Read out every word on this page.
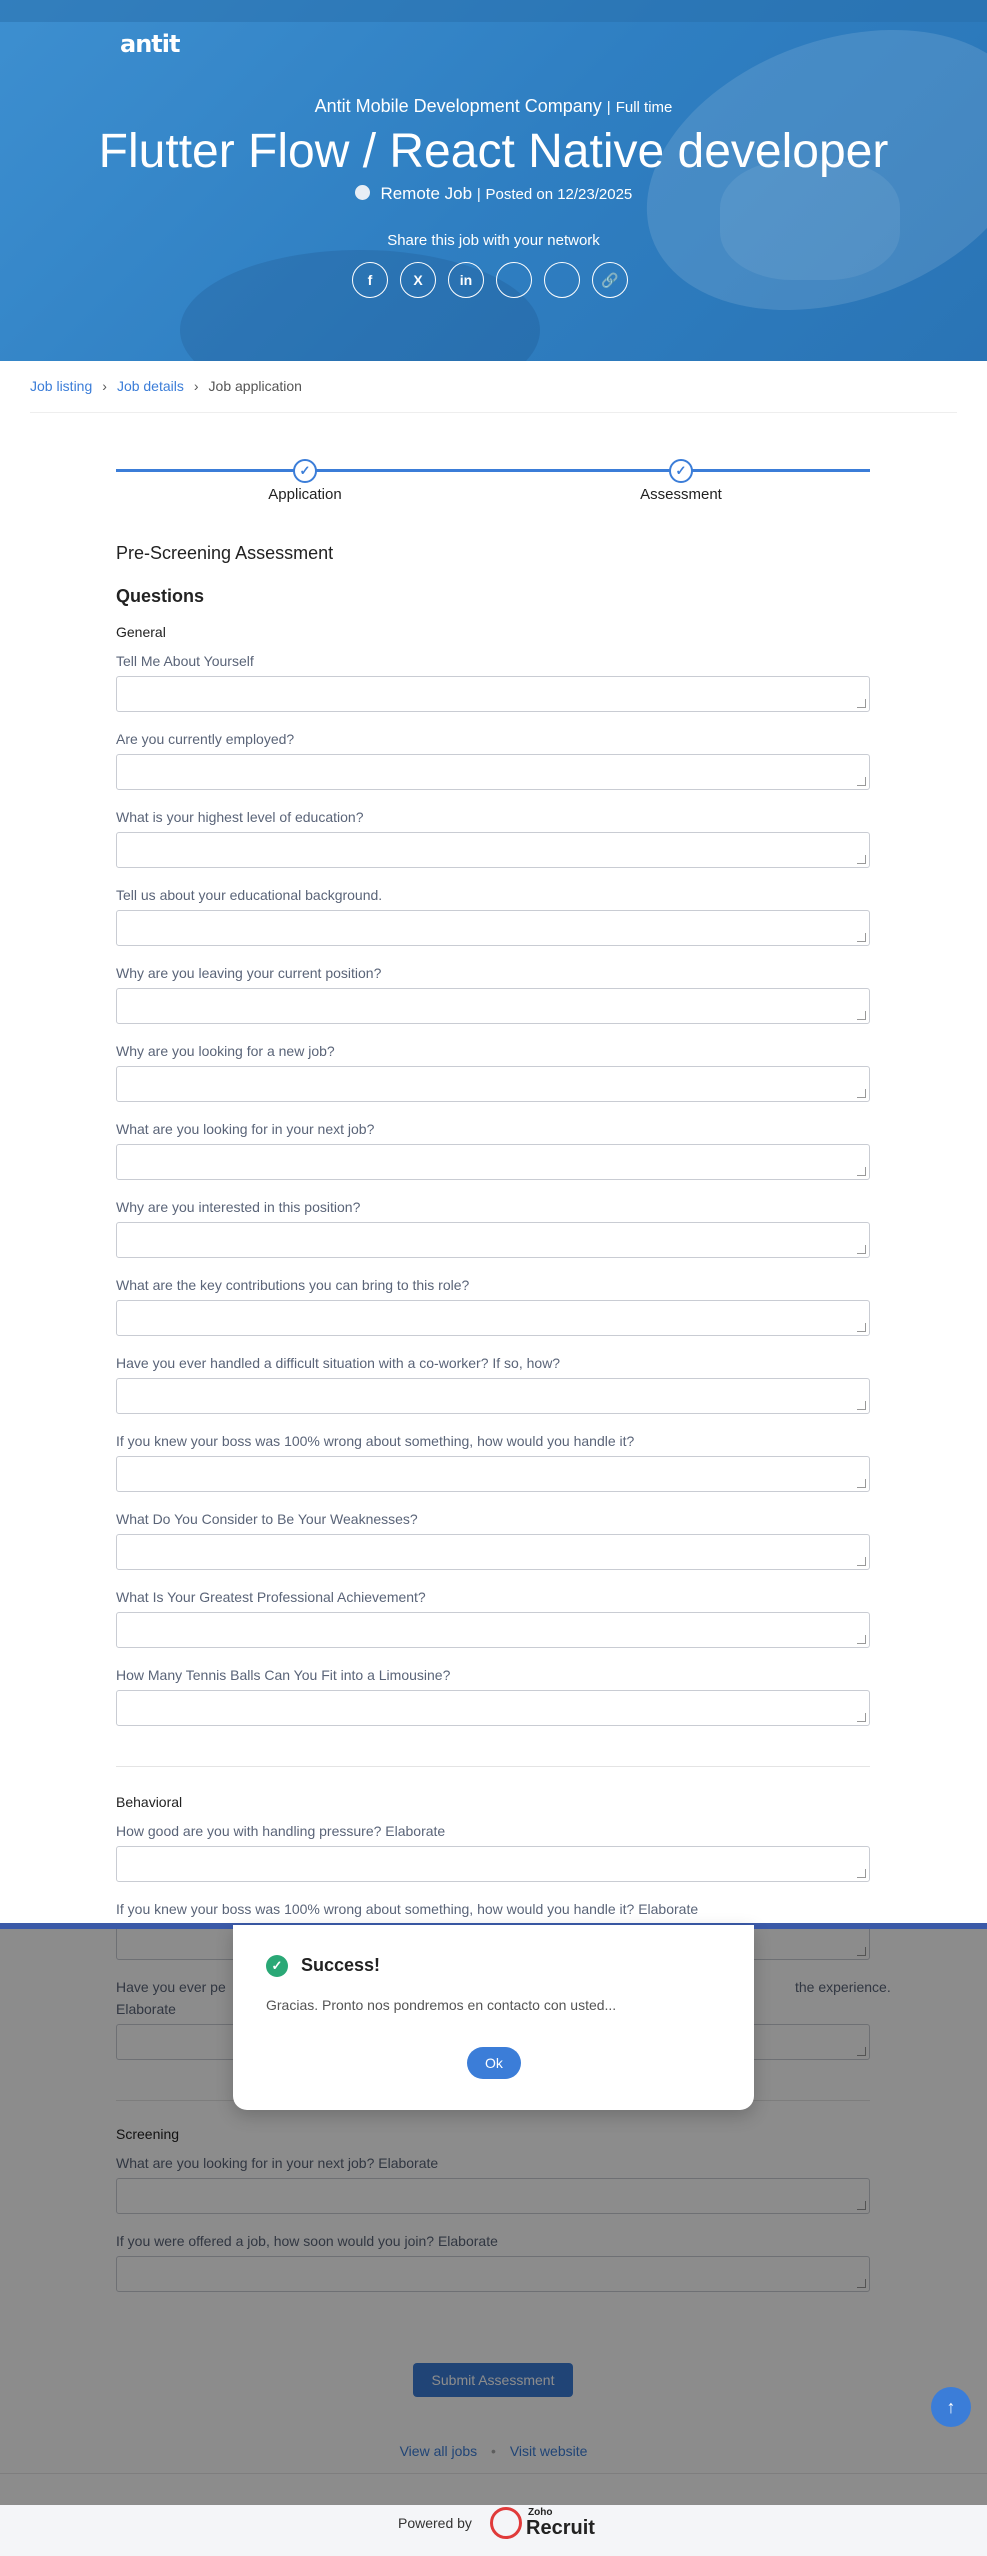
antit
Antit Mobile Development Company | Full time
Flutter Flow / React Native developer
Remote Job | Posted on 12/23/2025
Share this job with your network
f	X	in	🔗
Job listing › Job details › Job application
✓	✓
Application	Assessment
Pre-Screening Assessment
Questions
General
Tell Me About Yourself
Are you currently employed?
What is your highest level of education?
Tell us about your educational background.
Why are you leaving your current position?
Why are you looking for a new job?
What are you looking for in your next job?
Why are you interested in this position?
What are the key contributions you can bring to this role?
Have you ever handled a difficult situation with a co-worker? If so, how?
If you knew your boss was 100% wrong about something, how would you handle it?
What Do You Consider to Be Your Weaknesses?
What Is Your Greatest Professional Achievement?
How Many Tennis Balls Can You Fit into a Limousine?
Behavioral
How good are you with handling pressure? Elaborate
If you knew your boss was 100% wrong about something, how would you handle it? Elaborate
Have you ever pe	the experience.
Elaborate
Screening
What are you looking for in your next job? Elaborate
If you were offered a job, how soon would you join? Elaborate
Submit Assessment
View all jobs • Visit website
Powered by
Zoho
Recruit
↑
✓	Success!
Gracias. Pronto nos pondremos en contacto con usted...
Ok
